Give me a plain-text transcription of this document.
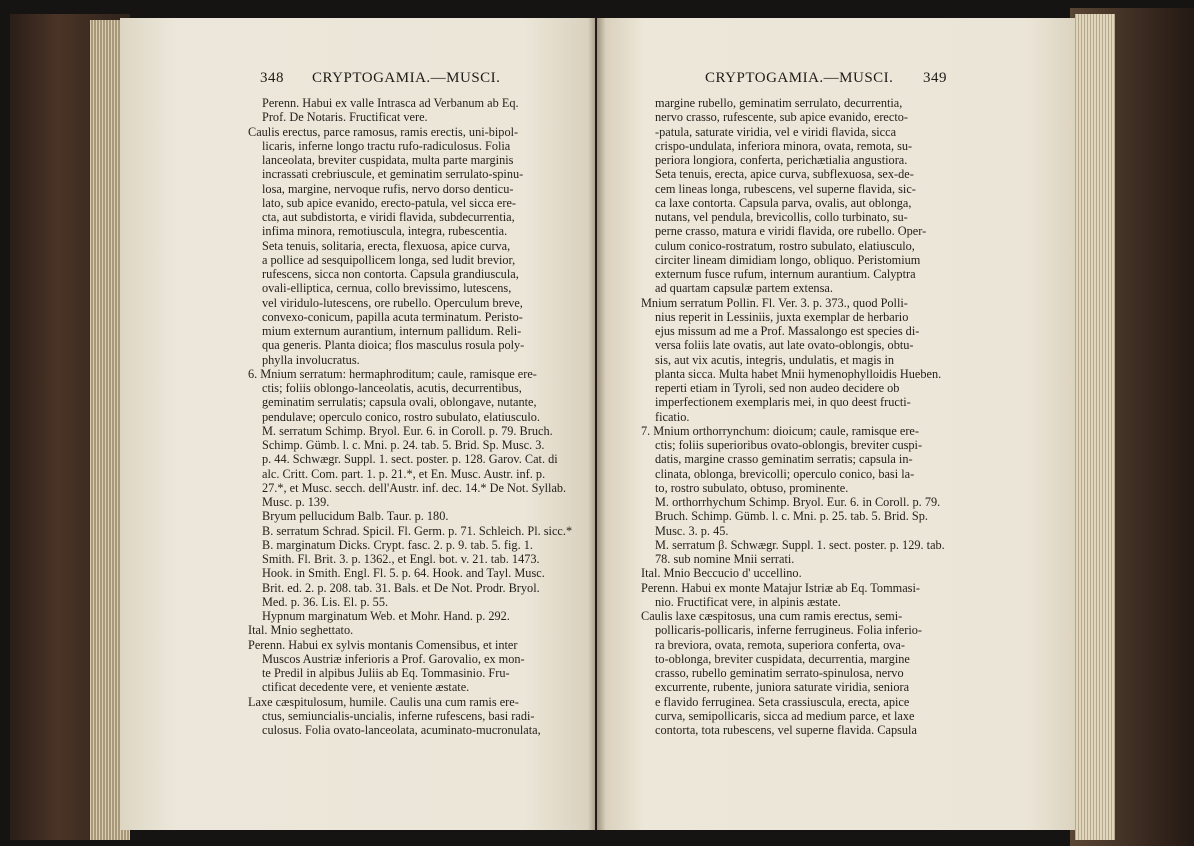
348 CRYPTOGAMIA.—MUSCI.
Perenn. Habui ex valle Intrasca ad Verbanum ab Eq.
Prof. De Notaris. Fructificat vere.
Caulis erectus, parce ramosus, ramis erectis, uni-bipol-
licaris, inferne longo tractu rufo-radiculosus. Folia
lanceolata, breviter cuspidata, multa parte marginis
incrassati crebriuscule, et geminatim serrulato-spinu-
losa, margine, nervoque rufis, nervo dorso denticu-
lato, sub apice evanido, erecto-patula, vel sicca ere-
cta, aut subdistorta, e viridi flavida, subdecurrentia,
infima minora, remotiuscula, integra, rubescentia.
Seta tenuis, solitaria, erecta, flexuosa, apice curva,
a pollice ad sesquipollicem longa, sed ludit brevior,
rufescens, sicca non contorta. Capsula grandiuscula,
ovali-elliptica, cernua, collo brevissimo, lutescens,
vel viridulo-lutescens, ore rubello. Operculum breve,
convexo-conicum, papilla acuta terminatum. Peristo-
mium externum aurantium, internum pallidum. Reli-
qua generis. Planta dioica; flos masculus rosula poly-
phylla involucratus.
6. Mnium serratum: hermaphroditum; caule, ramisque ere-
ctis; foliis oblongo-lanceolatis, acutis, decurrentibus,
geminatim serrulatis; capsula ovali, oblongave, nutante,
pendulave; operculo conico, rostro subulato, elatiusculo.
M. serratum Schimp. Bryol. Eur. 6. in Coroll. p. 79. Bruch.
Schimp. Gümb. l. c. Mni. p. 24. tab. 5. Brid. Sp. Musc. 3.
p. 44. Schwægr. Suppl. 1. sect. poster. p. 128. Garov. Cat. di
alc. Critt. Com. part. 1. p. 21.*, et En. Musc. Austr. inf. p.
27.*, et Musc. secch. dell'Austr. inf. dec. 14.* De Not. Syllab.
Musc. p. 139.
Bryum pellucidum Balb. Taur. p. 180.
B. serratum Schrad. Spicil. Fl. Germ. p. 71. Schleich. Pl. sicc.*
B. marginatum Dicks. Crypt. fasc. 2. p. 9. tab. 5. fig. 1.
Smith. Fl. Brit. 3. p. 1362., et Engl. bot. v. 21. tab. 1473.
Hook. in Smith. Engl. Fl. 5. p. 64. Hook. and Tayl. Musc.
Brit. ed. 2. p. 208. tab. 31. Bals. et De Not. Prodr. Bryol.
Med. p. 36. Lis. El. p. 55.
Hypnum marginatum Web. et Mohr. Hand. p. 292.
Ital. Mnio seghettato.
Perenn. Habui ex sylvis montanis Comensibus, et inter
Muscos Austriæ inferioris a Prof. Garovalio, ex mon-
te Predil in alpibus Juliis ab Eq. Tommasinio. Fru-
ctificat decedente vere, et veniente æstate.
Laxe cæspitulosum, humile. Caulis una cum ramis ere-
ctus, semiuncialis-uncialis, inferne rufescens, basi radi-
culosus. Folia ovato-lanceolata, acuminato-mucronulata,
CRYPTOGAMIA.—MUSCI. 349
margine rubello, geminatim serrulato, decurrentia,
nervo crasso, rufescente, sub apice evanido, erecto-
-patula, saturate viridia, vel e viridi flavida, sicca
crispo-undulata, inferiora minora, ovata, remota, su-
periora longiora, conferta, perichætialia angustiora.
Seta tenuis, erecta, apice curva, subflexuosa, sex-de-
cem lineas longa, rubescens, vel superne flavida, sic-
ca laxe contorta. Capsula parva, ovalis, aut oblonga,
nutans, vel pendula, brevicollis, collo turbinato, su-
perne crasso, matura e viridi flavida, ore rubello. Oper-
culum conico-rostratum, rostro subulato, elatiusculo,
circiter lineam dimidiam longo, obliquo. Peristomium
externum fusce rufum, internum aurantium. Calyptra
ad quartam capsulæ partem extensa.
Mnium serratum Pollin. Fl. Ver. 3. p. 373., quod Polli-
nius reperit in Lessiniis, juxta exemplar de herbario
ejus missum ad me a Prof. Massalongo est species di-
versa foliis late ovatis, aut late ovato-oblongis, obtu-
sis, aut vix acutis, integris, undulatis, et magis in
planta sicca. Multa habet Mnii hymenophylloidis Hueben.
reperti etiam in Tyroli, sed non audeo decidere ob
imperfectionem exemplaris mei, in quo deest fructi-
ficatio.
7. Mnium orthorrynchum: dioicum; caule, ramisque ere-
ctis; foliis superioribus ovato-oblongis, breviter cuspi-
datis, margine crasso geminatim serratis; capsula in-
clinata, oblonga, brevicolli; operculo conico, basi la-
to, rostro subulato, obtuso, prominente.
M. orthorrhychum Schimp. Bryol. Eur. 6. in Coroll. p. 79.
Bruch. Schimp. Gümb. l. c. Mni. p. 25. tab. 5. Brid. Sp.
Musc. 3. p. 45.
M. serratum β. Schwægr. Suppl. 1. sect. poster. p. 129. tab.
78. sub nomine Mnii serrati.
Ital. Mnio Beccucio d' uccellino.
Perenn. Habui ex monte Matajur Istriæ ab Eq. Tommasi-
nio. Fructificat vere, in alpinis æstate.
Caulis laxe cæspitosus, una cum ramis erectus, semi-
pollicaris-pollicaris, inferne ferrugineus. Folia inferio-
ra breviora, ovata, remota, superiora conferta, ova-
to-oblonga, breviter cuspidata, decurrentia, margine
crasso, rubello geminatim serrato-spinulosa, nervo
excurrente, rubente, juniora saturate viridia, seniora
e flavido ferruginea. Seta crassiuscula, erecta, apice
curva, semipollicaris, sicca ad medium parce, et laxe
contorta, tota rubescens, vel superne flavida. Capsula
